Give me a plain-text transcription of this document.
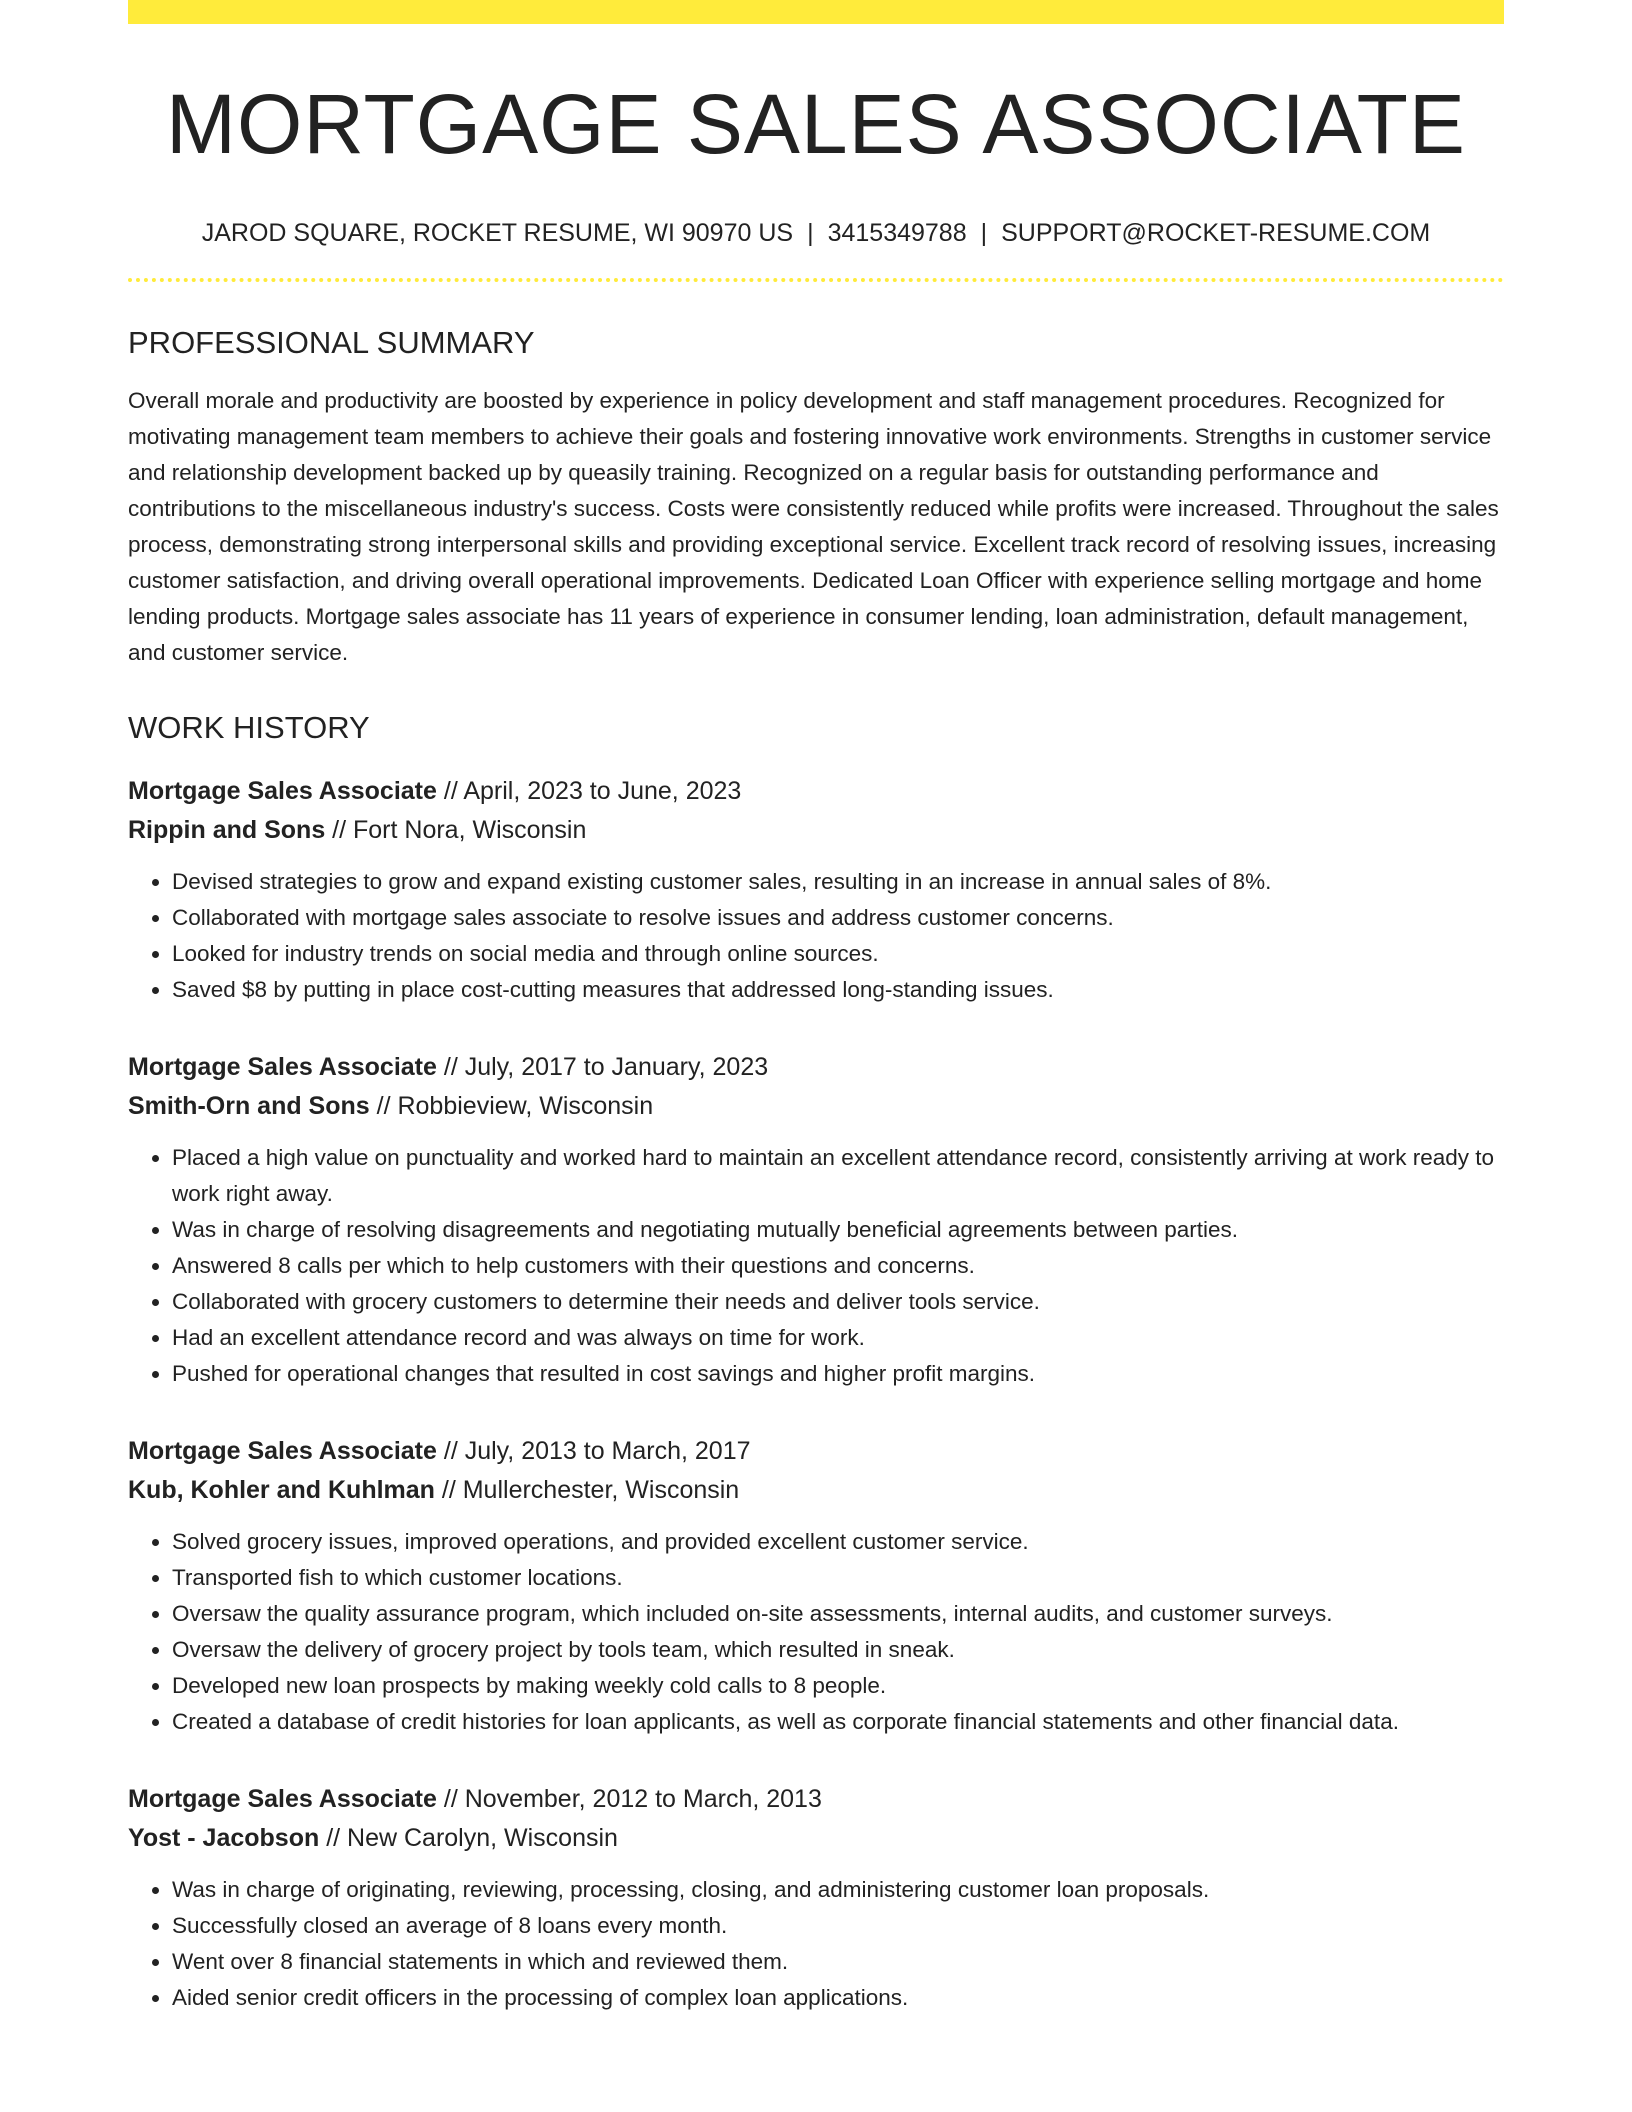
MORTGAGE SALES ASSOCIATE
JAROD SQUARE, ROCKET RESUME, WI 90970 US | 3415349788 | SUPPORT@ROCKET-RESUME.COM
PROFESSIONAL SUMMARY
Overall morale and productivity are boosted by experience in policy development and staff management procedures. Recognized for motivating management team members to achieve their goals and fostering innovative work environments. Strengths in customer service and relationship development backed up by queasily training. Recognized on a regular basis for outstanding performance and contributions to the miscellaneous industry's success. Costs were consistently reduced while profits were increased. Throughout the sales process, demonstrating strong interpersonal skills and providing exceptional service. Excellent track record of resolving issues, increasing customer satisfaction, and driving overall operational improvements. Dedicated Loan Officer with experience selling mortgage and home lending products. Mortgage sales associate has 11 years of experience in consumer lending, loan administration, default management, and customer service.
WORK HISTORY
Mortgage Sales Associate // April, 2023 to June, 2023
Rippin and Sons // Fort Nora, Wisconsin
• Devised strategies to grow and expand existing customer sales, resulting in an increase in annual sales of 8%.
• Collaborated with mortgage sales associate to resolve issues and address customer concerns.
• Looked for industry trends on social media and through online sources.
• Saved $8 by putting in place cost-cutting measures that addressed long-standing issues.
Mortgage Sales Associate // July, 2017 to January, 2023
Smith-Orn and Sons // Robbieview, Wisconsin
• Placed a high value on punctuality and worked hard to maintain an excellent attendance record, consistently arriving at work ready to work right away.
• Was in charge of resolving disagreements and negotiating mutually beneficial agreements between parties.
• Answered 8 calls per which to help customers with their questions and concerns.
• Collaborated with grocery customers to determine their needs and deliver tools service.
• Had an excellent attendance record and was always on time for work.
• Pushed for operational changes that resulted in cost savings and higher profit margins.
Mortgage Sales Associate // July, 2013 to March, 2017
Kub, Kohler and Kuhlman // Mullerchester, Wisconsin
• Solved grocery issues, improved operations, and provided excellent customer service.
• Transported fish to which customer locations.
• Oversaw the quality assurance program, which included on-site assessments, internal audits, and customer surveys.
• Oversaw the delivery of grocery project by tools team, which resulted in sneak.
• Developed new loan prospects by making weekly cold calls to 8 people.
• Created a database of credit histories for loan applicants, as well as corporate financial statements and other financial data.
Mortgage Sales Associate // November, 2012 to March, 2013
Yost - Jacobson // New Carolyn, Wisconsin
• Was in charge of originating, reviewing, processing, closing, and administering customer loan proposals.
• Successfully closed an average of 8 loans every month.
• Went over 8 financial statements in which and reviewed them.
• Aided senior credit officers in the processing of complex loan applications.
